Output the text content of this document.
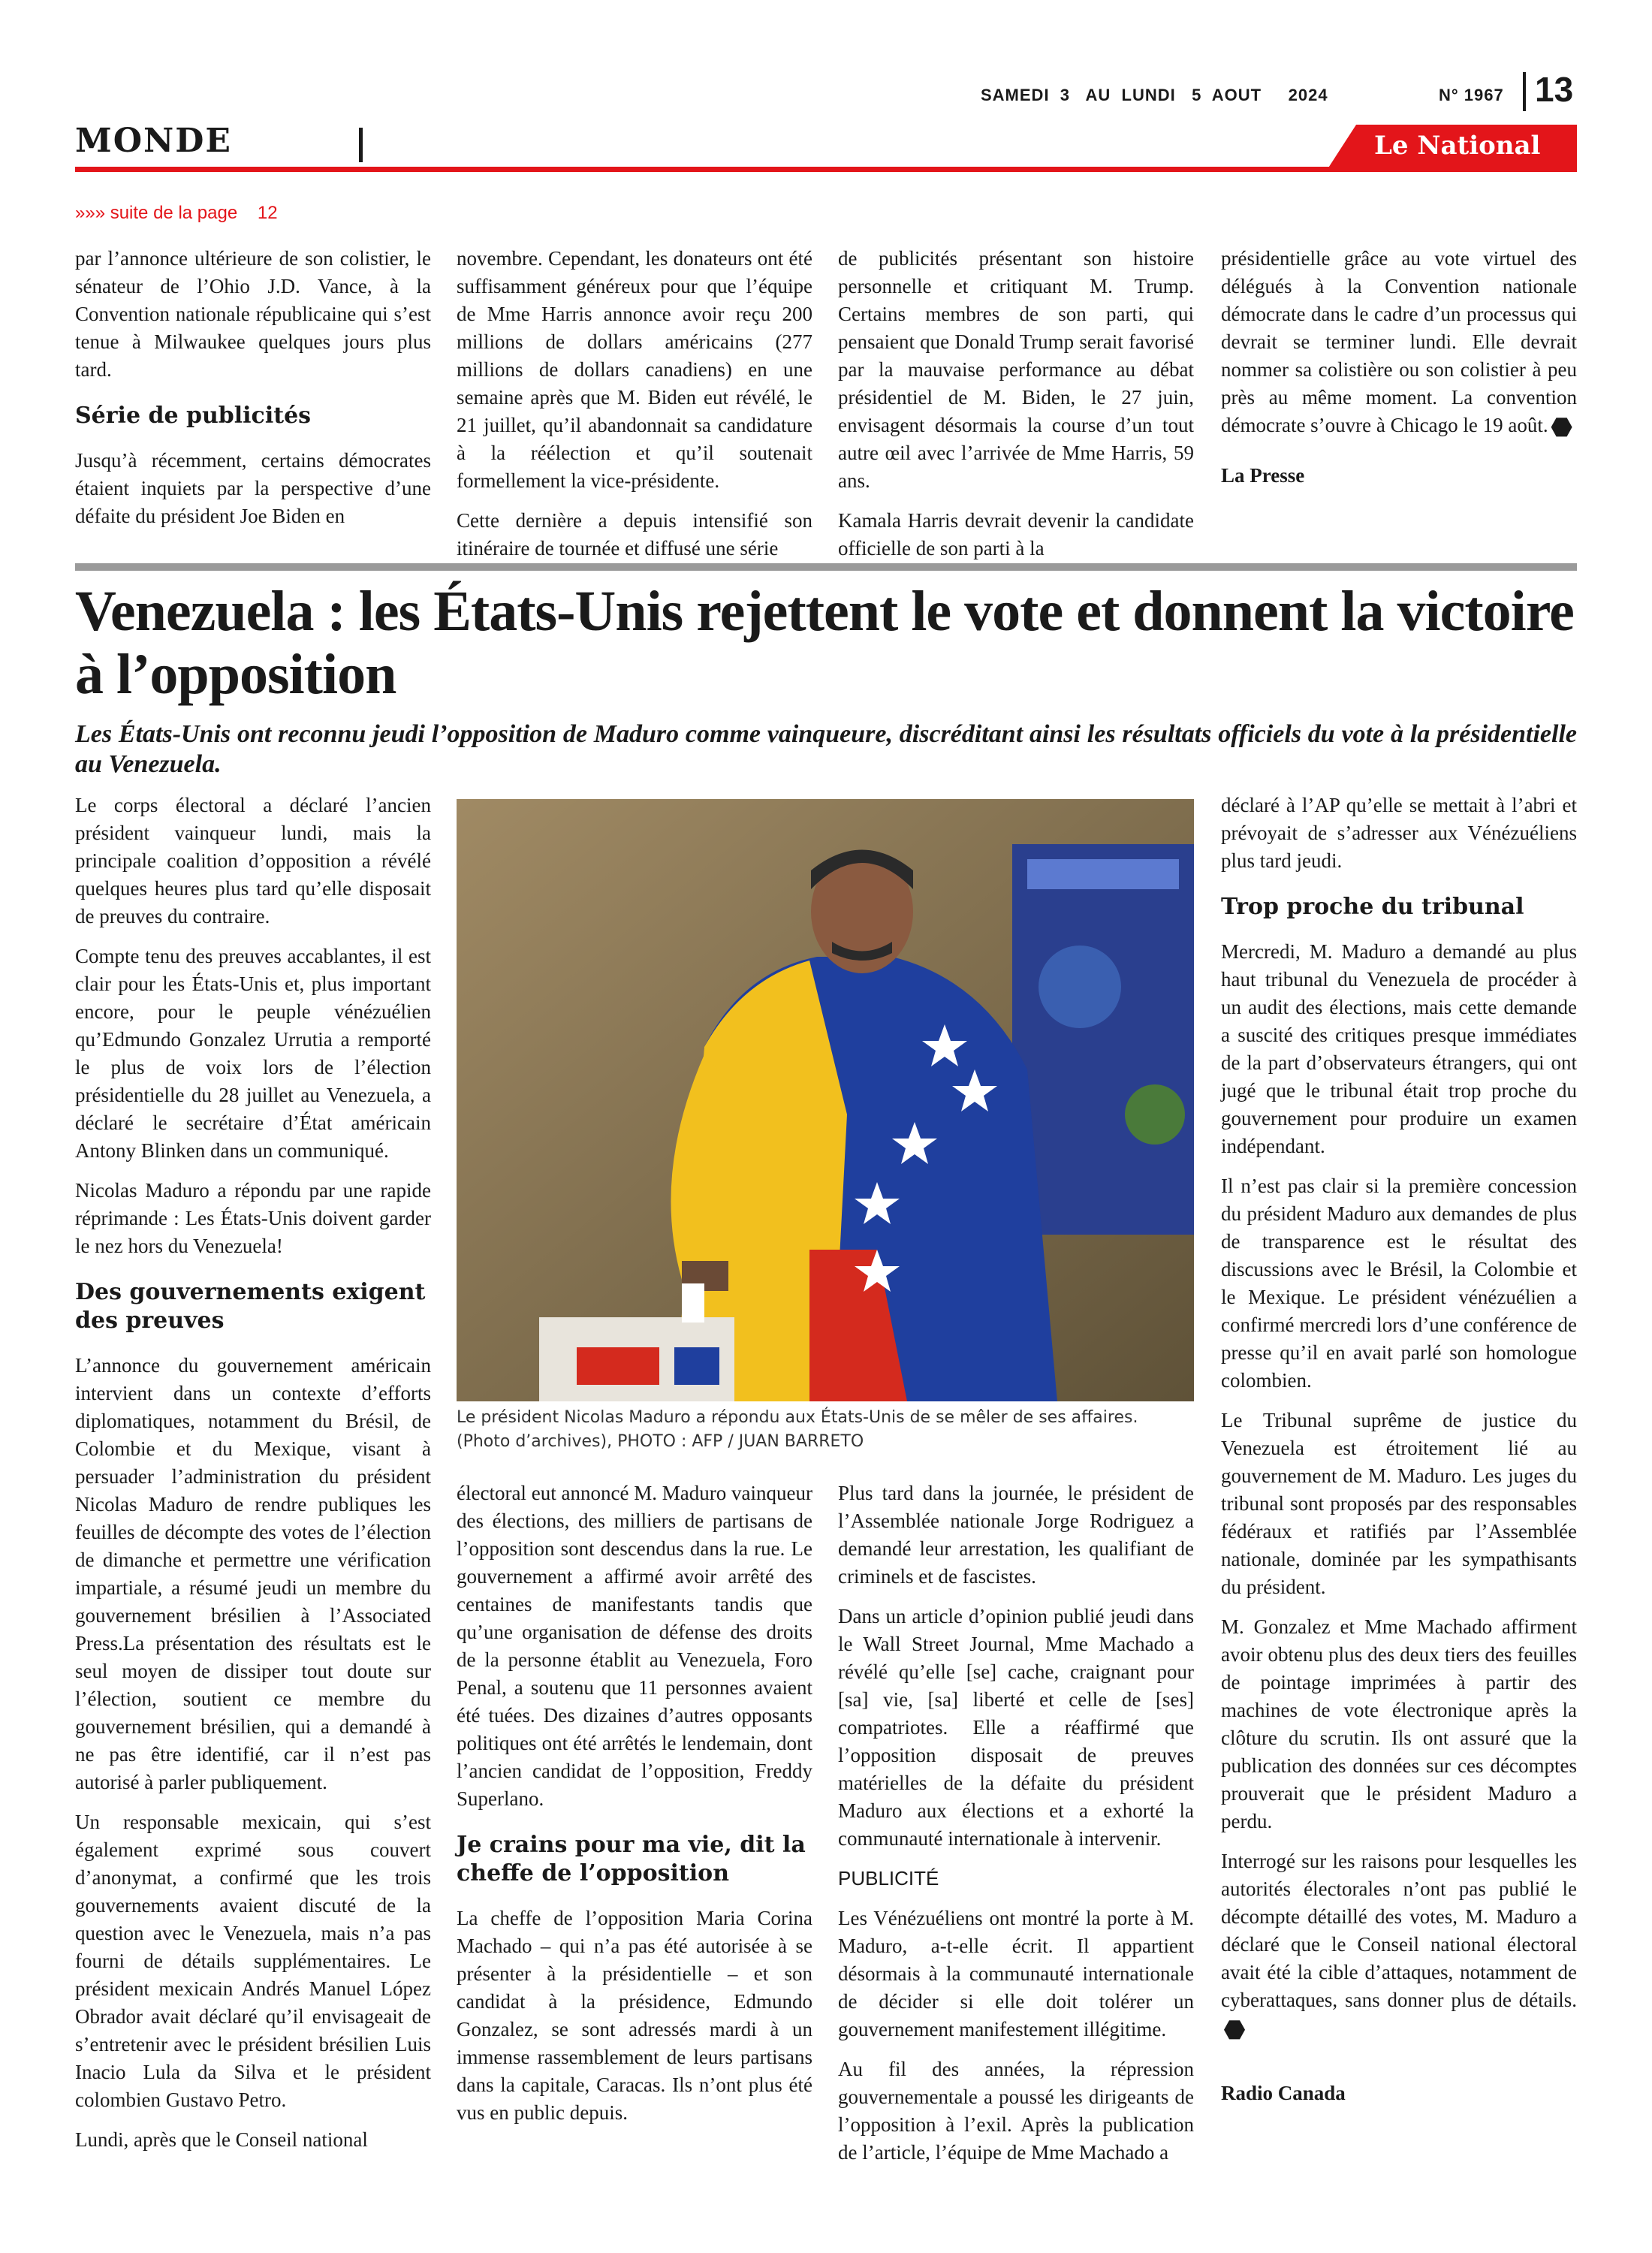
SAMEDI  3   AU  LUNDI   5  AOUT     2024	N° 1967 13
MONDE	Le National
»»» suite de la page    12

par l’annonce ultérieure de son colistier, le sénateur de l’Ohio J.D. Vance, à la Convention nationale républicaine qui s’est tenue à Milwaukee quelques jours plus tard.

Série de publicités

Jusqu’à récemment, certains démocrates étaient inquiets par la perspective d’une défaite du président Joe Biden en

novembre. Cependant, les donateurs ont été suffisamment généreux pour que l’équipe de Mme Harris annonce avoir reçu 200 millions de dollars américains (277 millions de dollars canadiens) en une semaine après que M. Biden eut révélé, le 21 juillet, qu’il abandonnait sa candidature à la réélection et qu’il soutenait formellement la vice-présidente.

Cette dernière a depuis intensifié son itinéraire de tournée et diffusé une série

de publicités présentant son histoire personnelle et critiquant M. Trump. Certains membres de son parti, qui pensaient que Donald Trump serait favorisé par la mauvaise performance au débat présidentiel de M. Biden, le 27 juin, envisagent désormais la course d’un tout autre œil avec l’arrivée de Mme Harris, 59 ans.

Kamala Harris devrait devenir la candidate officielle de son parti à la

présidentielle grâce au vote virtuel des délégués à la Convention nationale démocrate dans le cadre d’un processus qui devrait se terminer lundi. Elle devrait nommer sa colistière ou son colistier à peu près au même moment. La convention démocrate s’ouvre à Chicago le 19 août.

La Presse

Venezuela : les États-Unis rejettent le vote et donnent la victoire à l’opposition
Les États-Unis ont reconnu jeudi l’opposition de Maduro comme vainqueure, discréditant ainsi les résultats officiels du vote à la présidentielle au Venezuela.

Le corps électoral a déclaré l’ancien président vainqueur lundi, mais la principale coalition d’opposition a révélé quelques heures plus tard qu’elle disposait de preuves du contraire.

Compte tenu des preuves accablantes, il est clair pour les États-Unis et, plus important encore, pour le peuple vénézuélien qu’Edmundo Gonzalez Urrutia a remporté le plus de voix lors de l’élection présidentielle du 28 juillet au Venezuela, a déclaré le secrétaire d’État américain Antony Blinken dans un communiqué.

Nicolas Maduro a répondu par une rapide réprimande : Les États-Unis doivent garder le nez hors du Venezuela!

Des gouvernements exigent des preuves

L’annonce du gouvernement américain intervient dans un contexte d’efforts diplomatiques, notamment du Brésil, de Colombie et du Mexique, visant à persuader l’administration du président Nicolas Maduro de rendre publiques les feuilles de décompte des votes de l’élection de dimanche et permettre une vérification impartiale, a résumé jeudi un membre du gouvernement brésilien à l’Associated Press.La présentation des résultats est le seul moyen de dissiper tout doute sur l’élection, soutient ce membre du gouvernement brésilien, qui a demandé à ne pas être identifié, car il n’est pas autorisé à parler publiquement.

Un responsable mexicain, qui s’est également exprimé sous couvert d’anonymat, a confirmé que les trois gouvernements avaient discuté de la question avec le Venezuela, mais n’a pas fourni de détails supplémentaires. Le président mexicain Andrés Manuel López Obrador avait déclaré qu’il envisageait de s’entretenir avec le président brésilien Luis Inacio Lula da Silva et le président colombien Gustavo Petro.

Lundi, après que le Conseil national

Le président Nicolas Maduro a répondu aux États-Unis de se mêler de ses affaires. (Photo d’archives), PHOTO : AFP / JUAN BARRETO

électoral eut annoncé M. Maduro vainqueur des élections, des milliers de partisans de l’opposition sont descendus dans la rue. Le gouvernement a affirmé avoir arrêté des centaines de manifestants tandis que qu’une organisation de défense des droits de la personne établit au Venezuela, Foro Penal, a soutenu que 11 personnes avaient été tuées. Des dizaines d’autres opposants politiques ont été arrêtés le lendemain, dont l’ancien candidat de l’opposition, Freddy Superlano.

Je crains pour ma vie, dit la cheffe de l’opposition

La cheffe de l’opposition Maria Corina Machado – qui n’a pas été autorisée à se présenter à la présidentielle – et son candidat à la présidence, Edmundo Gonzalez, se sont adressés mardi à un immense rassemblement de leurs partisans dans la capitale, Caracas. Ils n’ont plus été vus en public depuis.

Plus tard dans la journée, le président de l’Assemblée nationale Jorge Rodriguez a demandé leur arrestation, les qualifiant de criminels et de fascistes.

Dans un article d’opinion publié jeudi dans le Wall Street Journal, Mme Machado a révélé qu’elle [se] cache, craignant pour [sa] vie, [sa] liberté et celle de [ses] compatriotes. Elle a réaffirmé que l’opposition disposait de preuves matérielles de la défaite du président Maduro aux élections et a exhorté la communauté internationale à intervenir.

PUBLICITÉ

Les Vénézuéliens ont montré la porte à M. Maduro, a-t-elle écrit. Il appartient désormais à la communauté internationale de décider si elle doit tolérer un gouvernement manifestement illégitime.

Au fil des années, la répression gouvernementale a poussé les dirigeants de l’opposition à l’exil. Après la publication de l’article, l’équipe de Mme Machado a

déclaré à l’AP qu’elle se mettait à l’abri et prévoyait de s’adresser aux Vénézuéliens plus tard jeudi.

Trop proche du tribunal

Mercredi, M. Maduro a demandé au plus haut tribunal du Venezuela de procéder à un audit des élections, mais cette demande a suscité des critiques presque immédiates de la part d’observateurs étrangers, qui ont jugé que le tribunal était trop proche du gouvernement pour produire un examen indépendant.

Il n’est pas clair si la première concession du président Maduro aux demandes de plus de transparence est le résultat des discussions avec le Brésil, la Colombie et le Mexique. Le président vénézuélien a confirmé mercredi lors d’une conférence de presse qu’il en avait parlé son homologue colombien.

Le Tribunal suprême de justice du Venezuela est étroitement lié au gouvernement de M. Maduro. Les juges du tribunal sont proposés par des responsables fédéraux et ratifiés par l’Assemblée nationale, dominée par les sympathisants du président.

M. Gonzalez et Mme Machado affirment avoir obtenu plus des deux tiers des feuilles de pointage imprimées à partir des machines de vote électronique après la clôture du scrutin. Ils ont assuré que la publication des données sur ces décomptes prouverait que le président Maduro a perdu.

Interrogé sur les raisons pour lesquelles les autorités électorales n’ont pas publié le décompte détaillé des votes, M. Maduro a déclaré que le Conseil national électoral avait été la cible d’attaques, notamment de cyberattaques, sans donner plus de détails.

Radio Canada
